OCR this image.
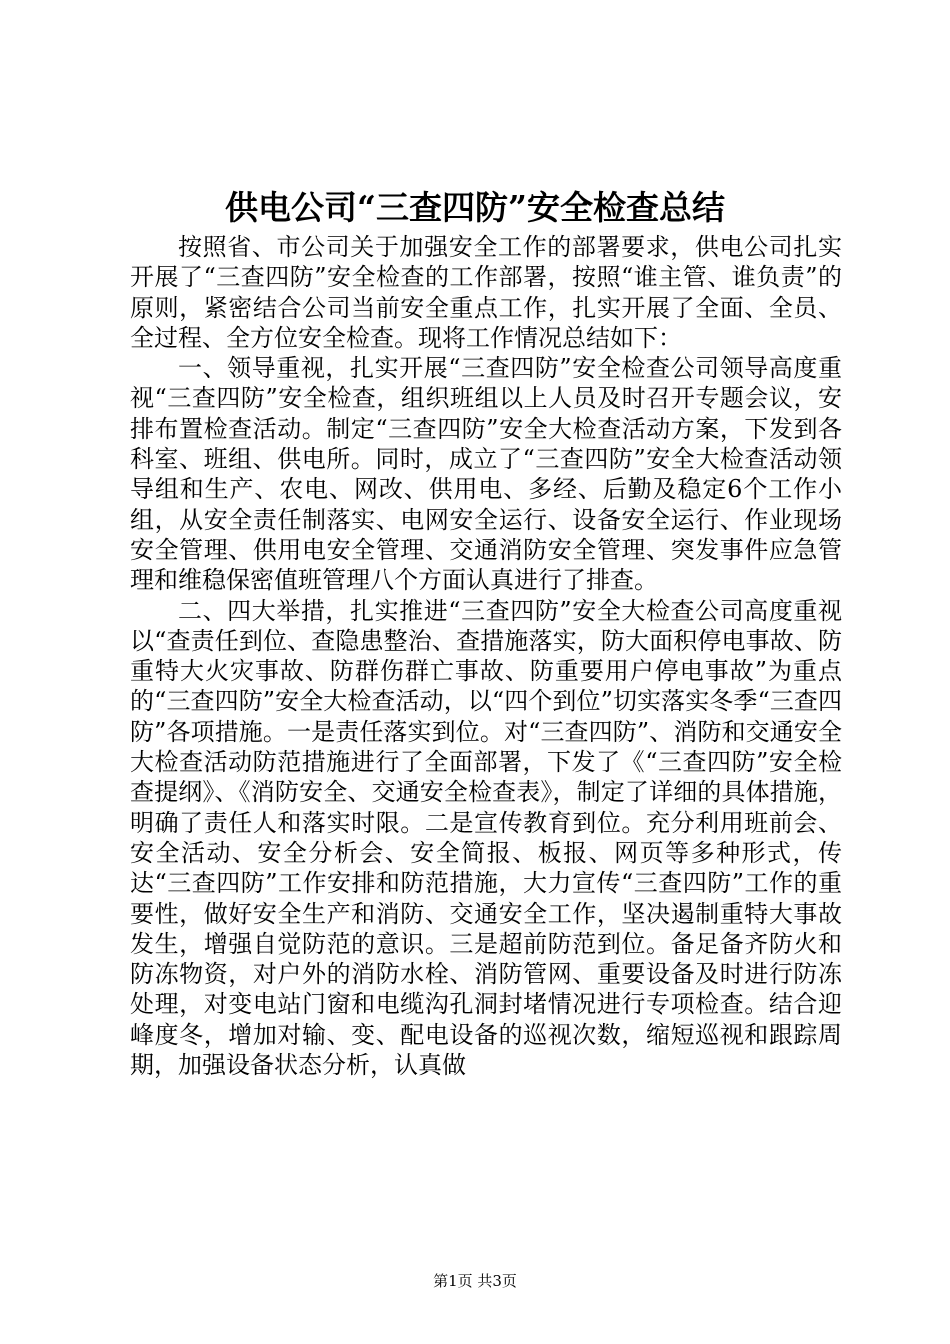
供电公司“三查四防”安全检查总结

按照省、市公司关于加强安全工作的部署要求，供电公司扎实开展了“三查四防”安全检查的工作部署，按照“谁主管、谁负责”的原则，紧密结合公司当前安全重点工作，扎实开展了全面、全员、全过程、全方位安全检查。现将工作情况总结如下：

一、领导重视，扎实开展“三查四防”安全检查公司领导高度重视“三查四防”安全检查，组织班组以上人员及时召开专题会议，安排布置检查活动。制定“三查四防”安全大检查活动方案，下发到各科室、班组、供电所。同时，成立了“三查四防”安全大检查活动领导组和生产、农电、网改、供用电、多经、后勤及稳定6个工作小组，从安全责任制落实、电网安全运行、设备安全运行、作业现场安全管理、供用电安全管理、交通消防安全管理、突发事件应急管理和维稳保密值班管理八个方面认真进行了排查。

二、四大举措，扎实推进“三查四防”安全大检查公司高度重视以“查责任到位、查隐患整治、查措施落实，防大面积停电事故、防重特大火灾事故、防群伤群亡事故、防重要用户停电事故”为重点的“三查四防”安全大检查活动，以“四个到位”切实落实冬季“三查四防”各项措施。一是责任落实到位。对“三查四防”、消防和交通安全大检查活动防范措施进行了全面部署，下发了《“三查四防”安全检查提纲》、《消防安全、交通安全检查表》，制定了详细的具体措施，明确了责任人和落实时限。二是宣传教育到位。充分利用班前会、安全活动、安全分析会、安全简报、板报、网页等多种形式，传达“三查四防”工作安排和防范措施，大力宣传“三查四防”工作的重要性，做好安全生产和消防、交通安全工作，坚决遏制重特大事故发生，增强自觉防范的意识。三是超前防范到位。备足备齐防火和防冻物资，对户外的消防水栓、消防管网、重要设备及时进行防冻处理，对变电站门窗和电缆沟孔洞封堵情况进行专项检查。结合迎峰度冬，增加对输、变、配电设备的巡视次数，缩短巡视和跟踪周期，加强设备状态分析，认真做

第1页 共3页
